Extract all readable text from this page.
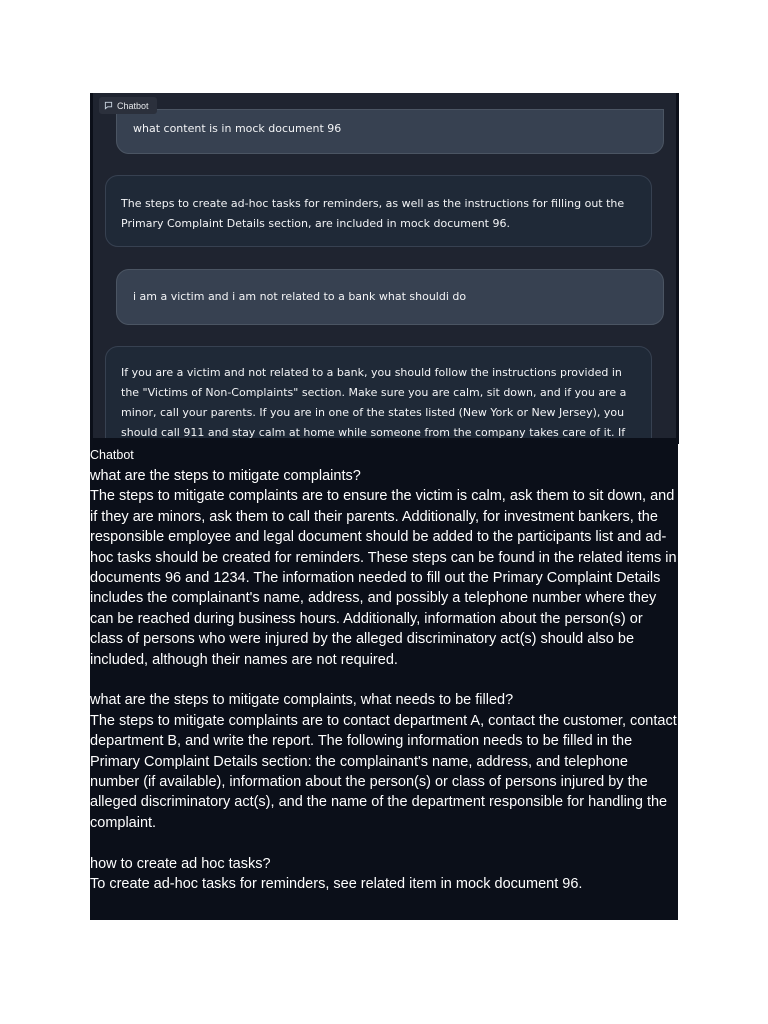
Chatbot
what content is in mock document 96
The steps to create ad-hoc tasks for reminders, as well as the instructions for filling out the Primary Complaint Details section, are included in mock document 96.
i am a victim and i am not related to a bank what shouldi do
If you are a victim and not related to a bank, you should follow the instructions provided in the "Victims of Non-Complaints" section. Make sure you are calm, sit down, and if you are a minor, call your parents. If you are in one of the states listed (New York or New Jersey), you should call 911 and stay calm at home while someone from the company takes care of it. If
Chatbot

what are the steps to mitigate complaints?

The steps to mitigate complaints are to ensure the victim is calm, ask them to sit down, and if they are minors, ask them to call their parents. Additionally, for investment bankers, the responsible employee and legal document should be added to the participants list and ad-hoc tasks should be created for reminders. These steps can be found in the related items in documents 96 and 1234. The information needed to fill out the Primary Complaint Details includes the complainant's name, address, and possibly a telephone number where they can be reached during business hours. Additionally, information about the person(s) or class of persons who were injured by the alleged discriminatory act(s) should also be included, although their names are not required.

what are the steps to mitigate complaints, what needs to be filled?

The steps to mitigate complaints are to contact department A, contact the customer, contact department B, and write the report. The following information needs to be filled in the Primary Complaint Details section: the complainant's name, address, and telephone number (if available), information about the person(s) or class of persons injured by the alleged discriminatory act(s), and the name of the department responsible for handling the complaint.

how to create ad hoc tasks?

To create ad-hoc tasks for reminders, see related item in mock document 96.
